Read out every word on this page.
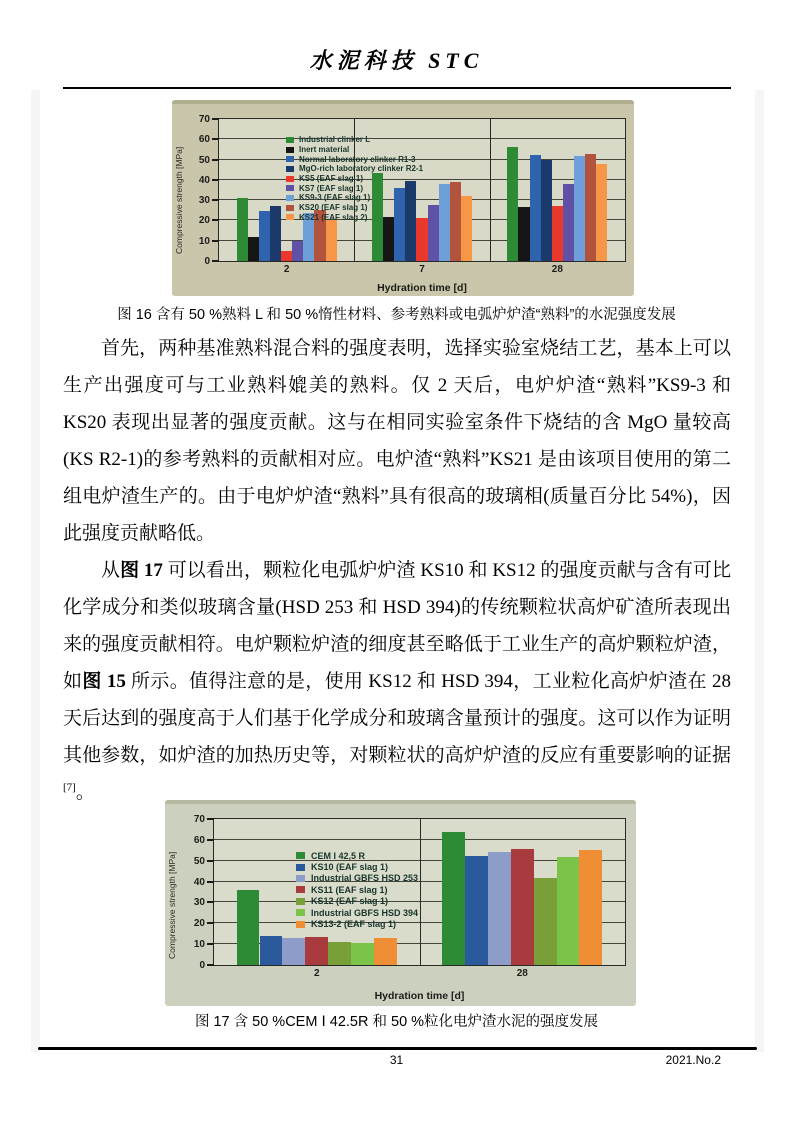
水泥科技 STC
0
10
20
30
40
50
60
70
2	7	28
Industrial clinker L
Inert material
Normal laboratory clinker R1-3
MgO-rich laboratory clinker R2-1
KS5 (EAF slag 1)
KS7 (EAF slag 1)
KS9-3 (EAF slag 1)
KS20 (EAF slag 1)
KS21 (EAF slag 2)
Hydration time [d]
Compressive strength [MPa]
图 16 含有 50 %熟料 L 和 50 %惰性材料、参考熟料或电弧炉炉渣“熟料”的水泥强度发展

首先，两种基准熟料混合料的强度表明，选择实验室烧结工艺，基本上可以生产出强度可与工业熟料媲美的熟料。仅 2 天后，电炉炉渣“熟料”KS9-3 和 KS20 表现出显著的强度贡献。这与在相同实验室条件下烧结的含 MgO 量较高(KS R2-1)的参考熟料的贡献相对应。电炉渣“熟料”KS21 是由该项目使用的第二组电炉渣生产的。由于电炉炉渣“熟料”具有很高的玻璃相(质量百分比 54%)，因此强度贡献略低。

从图 17 可以看出，颗粒化电弧炉炉渣 KS10 和 KS12 的强度贡献与含有可比化学成分和类似玻璃含量(HSD 253 和 HSD 394)的传统颗粒状高炉矿渣所表现出来的强度贡献相符。电炉颗粒炉渣的细度甚至略低于工业生产的高炉颗粒炉渣，如图 15 所示。值得注意的是，使用 KS12 和 HSD 394，工业粒化高炉炉渣在 28 天后达到的强度高于人们基于化学成分和玻璃含量预计的强度。这可以作为证明其他参数，如炉渣的加热历史等，对颗粒状的高炉炉渣的反应有重要影响的证据[7]。

0
10
20
30
40
50
60
70
2	28
CEM I 42,5 R
KS10 (EAF slag 1)
Industrial GBFS HSD 253
KS11 (EAF slag 1)
KS12 (EAF slag 1)
Industrial GBFS HSD 394
KS13-2 (EAF slag 1)
Hydration time [d]
Compressive strength [MPa]
图 17 含 50 %CEM Ⅰ 42.5R 和 50 %粒化电炉渣水泥的强度发展
31	2021.No.2
